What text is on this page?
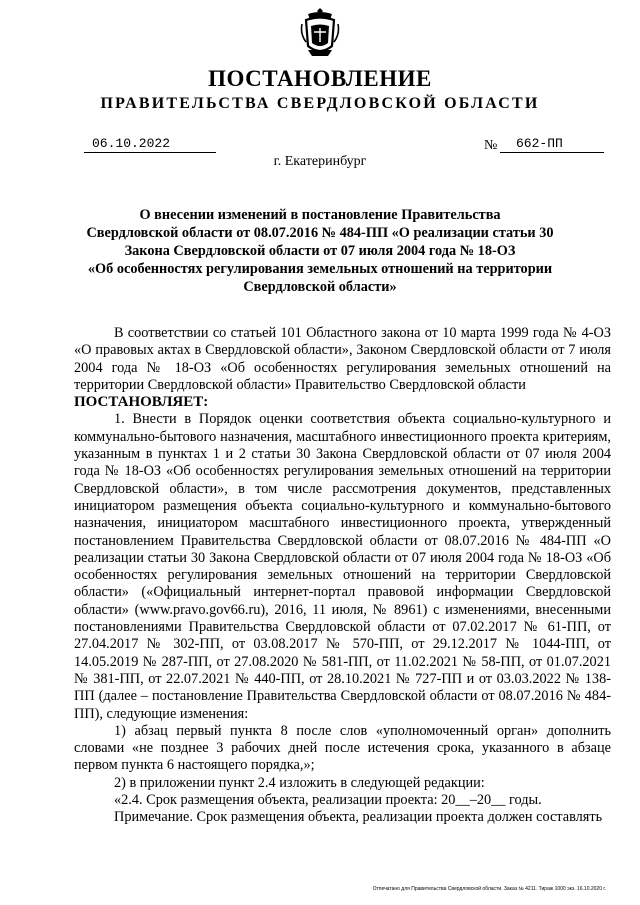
ПОСТАНОВЛЕНИЕ
ПРАВИТЕЛЬСТВА СВЕРДЛОВСКОЙ ОБЛАСТИ
06.10.2022	№	662-ПП
г. Екатеринбург
О внесении изменений в постановление Правительства
Свердловской области от 08.07.2016 № 484-ПП «О реализации статьи 30
Закона Свердловской области от 07 июля 2004 года № 18-ОЗ
«Об особенностях регулирования земельных отношений на территории
Свердловской области»

В соответствии со статьей 101 Областного закона от 10 марта 1999 года № 4-ОЗ «О правовых актах в Свердловской области», Законом Свердловской области от 7 июля 2004 года № 18-ОЗ «Об особенностях регулирования земельных отношений на территории Свердловской области» Правительство Свердловской области

ПОСТАНОВЛЯЕТ:

1. Внести в Порядок оценки соответствия объекта социально-культурного и коммунально-бытового назначения, масштабного инвестиционного проекта критериям, указанным в пунктах 1 и 2 статьи 30 Закона Свердловской области от 07 июля 2004 года № 18-ОЗ «Об особенностях регулирования земельных отношений на территории Свердловской области», в том числе рассмотрения документов, представленных инициатором размещения объекта социально-культурного и коммунально-бытового назначения, инициатором масштабного инвестиционного проекта, утвержденный постановлением Правительства Свердловской области от 08.07.2016 № 484-ПП «О реализации статьи 30 Закона Свердловской области от 07 июля 2004 года № 18-ОЗ «Об особенностях регулирования земельных отношений на территории Свердловской области» («Официальный интернет-портал правовой информации Свердловской области» (www.pravo.gov66.ru), 2016, 11 июля, № 8961) с изменениями, внесенными постановлениями Правительства Свердловской области от 07.02.2017 № 61-ПП, от 27.04.2017 № 302-ПП, от 03.08.2017 № 570-ПП, от 29.12.2017 № 1044-ПП, от 14.05.2019 № 287-ПП, от 27.08.2020 № 581-ПП, от 11.02.2021 № 58-ПП, от 01.07.2021 № 381-ПП, от 22.07.2021 № 440-ПП, от 28.10.2021 № 727-ПП и от 03.03.2022 № 138-ПП (далее – постановление Правительства Свердловской области от 08.07.2016 № 484-ПП), следующие изменения:

1) абзац первый пункта 8 после слов «уполномоченный орган» дополнить словами «не позднее 3 рабочих дней после истечения срока, указанного в абзаце первом пункта 6 настоящего порядка,»;

2) в приложении пункт 2.4 изложить в следующей редакции:

«2.4. Срок размещения объекта, реализации проекта: 20__–20__ годы.

Примечание. Срок размещения объекта, реализации проекта должен составлять

Отпечатано для Правительства Свердловской области. Заказ № 4211. Тираж 1000 экз. 16.10.2020 г.
